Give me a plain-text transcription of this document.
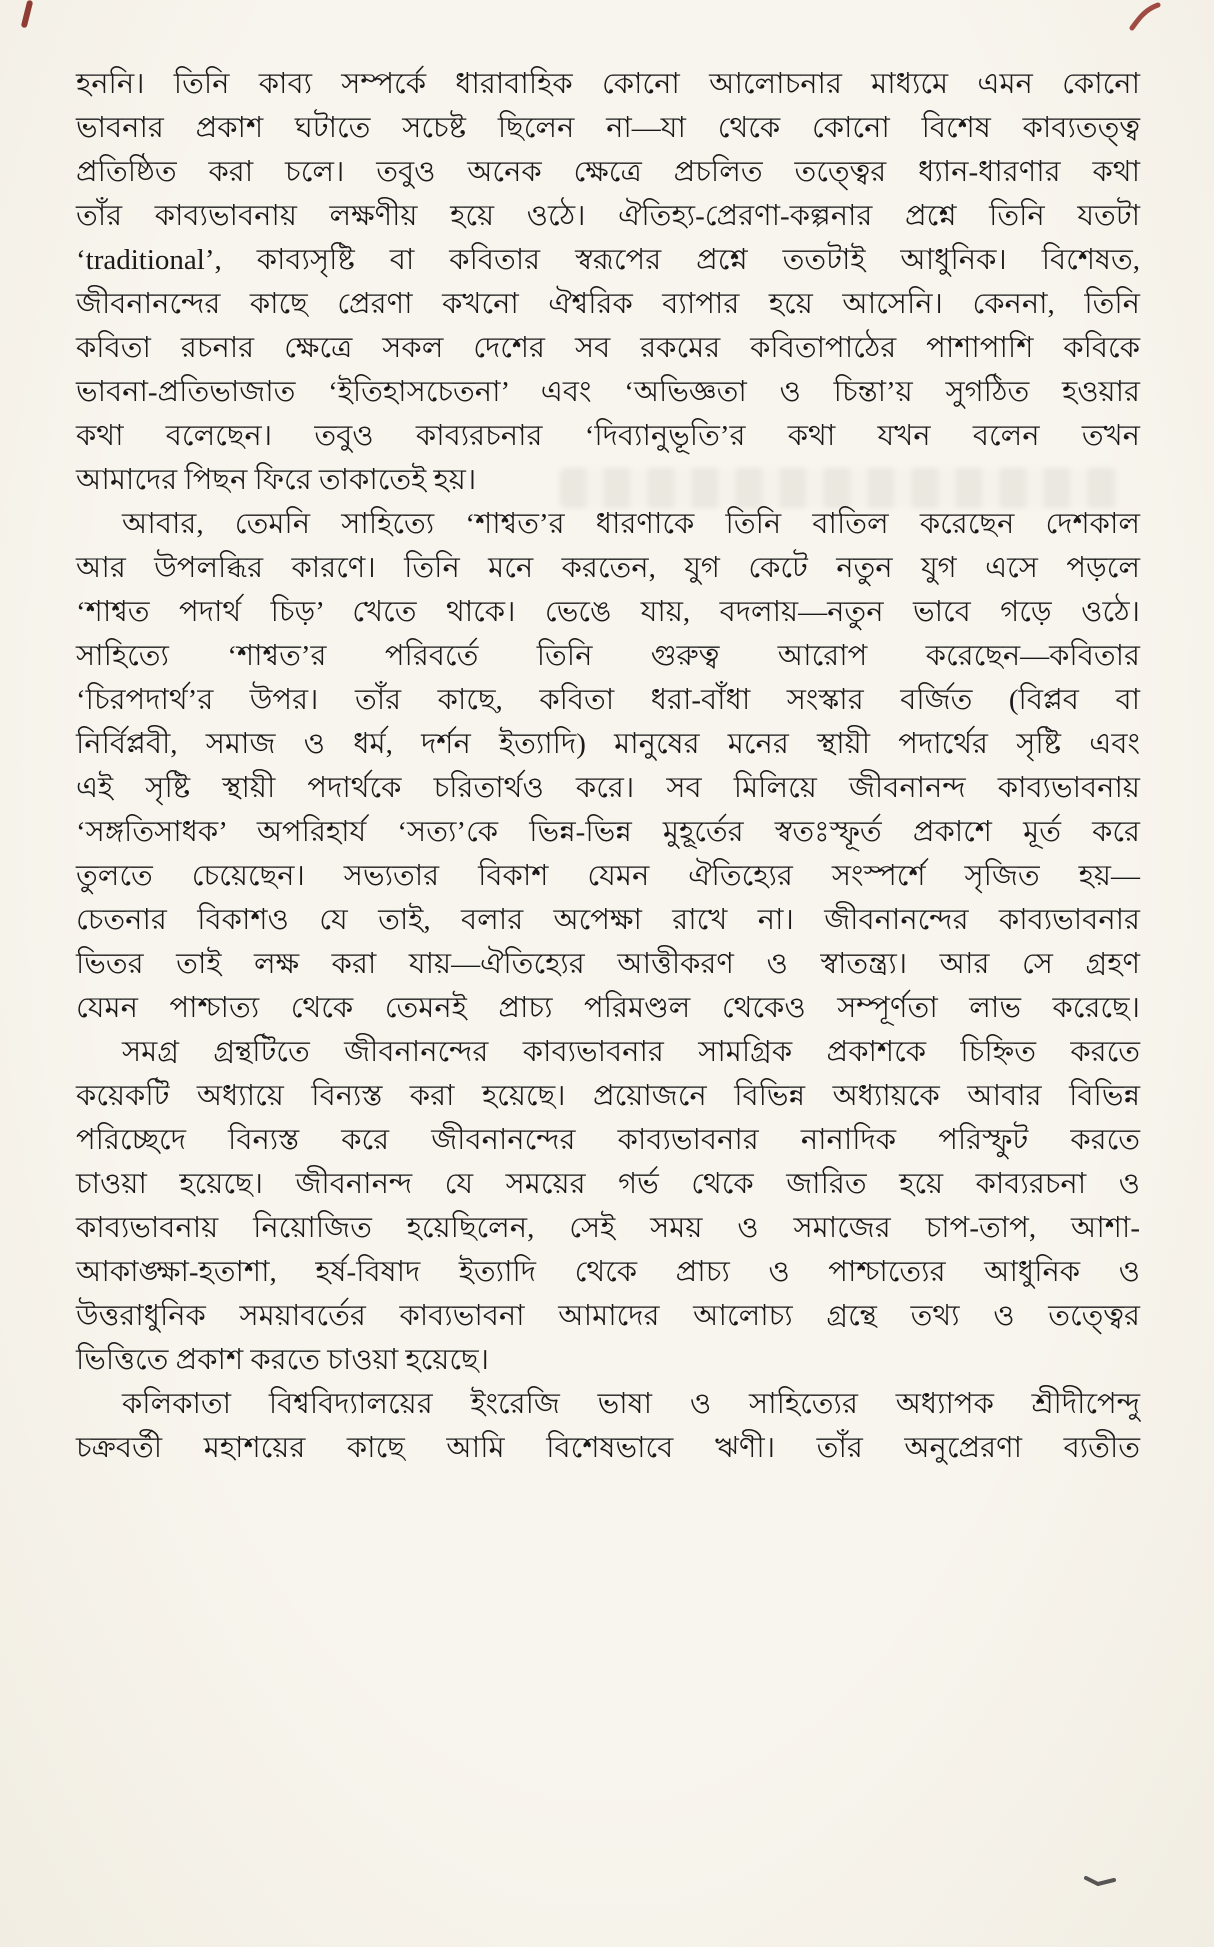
হননি। তিনি কাব্য সম্পর্কে ধারাবাহিক কোনো আলোচনার মাধ্যমে এমন কোনো
ভাবনার প্রকাশ ঘটাতে সচেষ্ট ছিলেন না—যা থেকে কোনো বিশেষ কাব্যতত্ত্ব
প্রতিষ্ঠিত করা চলে। তবুও অনেক ক্ষেত্রে প্রচলিত তত্ত্বের ধ্যান-ধারণার কথা
তাঁর কাব্যভাবনায় লক্ষণীয় হয়ে ওঠে। ঐতিহ্য-প্রেরণা-কল্পনার প্রশ্নে তিনি যতটা
‘traditional’, কাব্যসৃষ্টি বা কবিতার স্বরূপের প্রশ্নে ততটাই আধুনিক। বিশেষত,
জীবনানন্দের কাছে প্রেরণা কখনো ঐশ্বরিক ব্যাপার হয়ে আসেনি। কেননা, তিনি
কবিতা রচনার ক্ষেত্রে সকল দেশের সব রকমের কবিতাপাঠের পাশাপাশি কবিকে
ভাবনা-প্রতিভাজাত ‘ইতিহাসচেতনা’ এবং ‘অভিজ্ঞতা ও চিন্তা’য় সুগঠিত হওয়ার
কথা বলেছেন। তবুও কাব্যরচনার ‘দিব্যানুভূতি’র কথা যখন বলেন তখন
আমাদের পিছন ফিরে তাকাতেই হয়।
আবার, তেমনি সাহিত্যে ‘শাশ্বত’র ধারণাকে তিনি বাতিল করেছেন দেশকাল
আর উপলব্ধির কারণে। তিনি মনে করতেন, যুগ কেটে নতুন যুগ এসে পড়লে
‘শাশ্বত পদার্থ চিড়’ খেতে থাকে। ভেঙে যায়, বদলায়—নতুন ভাবে গড়ে ওঠে।
সাহিত্যে ‘শাশ্বত’র পরিবর্তে তিনি গুরুত্ব আরোপ করেছেন—কবিতার
‘চিরপদার্থ’র উপর। তাঁর কাছে, কবিতা ধরা-বাঁধা সংস্কার বর্জিত (বিপ্লব বা
নির্বিপ্লবী, সমাজ ও ধর্ম, দর্শন ইত্যাদি) মানুষের মনের স্থায়ী পদার্থের সৃষ্টি এবং
এই সৃষ্টি স্থায়ী পদার্থকে চরিতার্থও করে। সব মিলিয়ে জীবনানন্দ কাব্যভাবনায়
‘সঙ্গতিসাধক’ অপরিহার্য ‘সত্য’কে ভিন্ন-ভিন্ন মুহূর্তের স্বতঃস্ফূর্ত প্রকাশে মূর্ত করে
তুলতে চেয়েছেন। সভ্যতার বিকাশ যেমন ঐতিহ্যের সংস্পর্শে সৃজিত হয়—
চেতনার বিকাশও যে তাই, বলার অপেক্ষা রাখে না। জীবনানন্দের কাব্যভাবনার
ভিতর তাই লক্ষ করা যায়—ঐতিহ্যের আত্তীকরণ ও স্বাতন্ত্র্য। আর সে গ্রহণ
যেমন পাশ্চাত্য থেকে তেমনই প্রাচ্য পরিমণ্ডল থেকেও সম্পূর্ণতা লাভ করেছে।
সমগ্র গ্রন্থটিতে জীবনানন্দের কাব্যভাবনার সামগ্রিক প্রকাশকে চিহ্নিত করতে
কয়েকটি অধ্যায়ে বিন্যস্ত করা হয়েছে। প্রয়োজনে বিভিন্ন অধ্যায়কে আবার বিভিন্ন
পরিচ্ছেদে বিন্যস্ত করে জীবনানন্দের কাব্যভাবনার নানাদিক পরিস্ফুট করতে
চাওয়া হয়েছে। জীবনানন্দ যে সময়ের গর্ভ থেকে জারিত হয়ে কাব্যরচনা ও
কাব্যভাবনায় নিয়োজিত হয়েছিলেন, সেই সময় ও সমাজের চাপ-তাপ, আশা-
আকাঙ্ক্ষা-হতাশা, হর্ষ-বিষাদ ইত্যাদি থেকে প্রাচ্য ও পাশ্চাত্যের আধুনিক ও
উত্তরাধুনিক সময়াবর্তের কাব্যভাবনা আমাদের আলোচ্য গ্রন্থে তথ্য ও তত্ত্বের
ভিত্তিতে প্রকাশ করতে চাওয়া হয়েছে।
কলিকাতা বিশ্ববিদ্যালয়ের ইংরেজি ভাষা ও সাহিত্যের অধ্যাপক শ্রীদীপেন্দু
চক্রবর্তী মহাশয়ের কাছে আমি বিশেষভাবে ঋণী। তাঁর অনুপ্রেরণা ব্যতীত
